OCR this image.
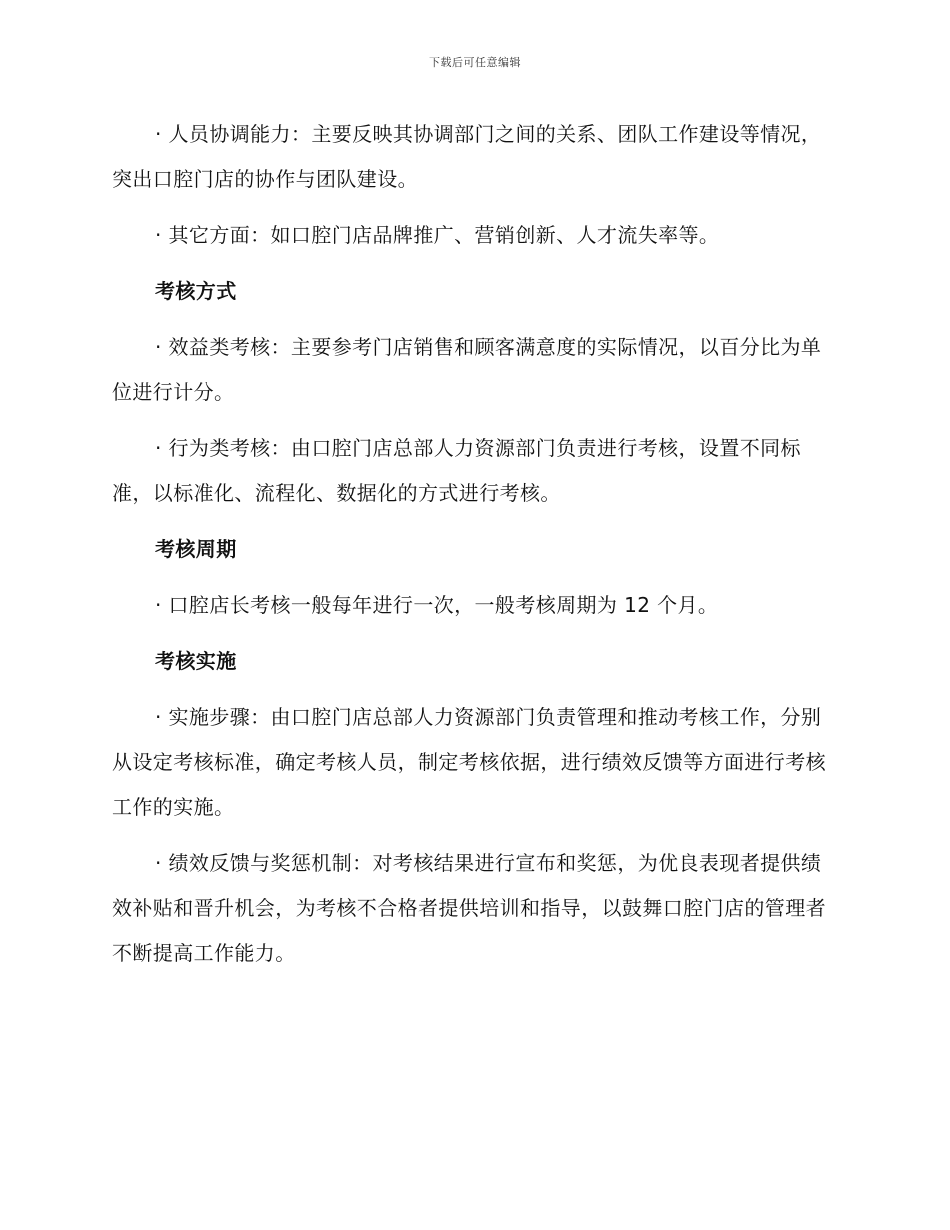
下载后可任意编辑

· 人员协调能力：主要反映其协调部门之间的关系、团队工作建设等情况，突出口腔门店的协作与团队建设。

· 其它方面：如口腔门店品牌推广、营销创新、人才流失率等。

考核方式

· 效益类考核：主要参考门店销售和顾客满意度的实际情况，以百分比为单位进行计分。

· 行为类考核：由口腔门店总部人力资源部门负责进行考核，设置不同标准，以标准化、流程化、数据化的方式进行考核。

考核周期

· 口腔店长考核一般每年进行一次，一般考核周期为 12 个月。

考核实施

· 实施步骤：由口腔门店总部人力资源部门负责管理和推动考核工作，分别从设定考核标准，确定考核人员，制定考核依据，进行绩效反馈等方面进行考核工作的实施。

· 绩效反馈与奖惩机制：对考核结果进行宣布和奖惩，为优良表现者提供绩效补贴和晋升机会，为考核不合格者提供培训和指导，以鼓舞口腔门店的管理者不断提高工作能力。
